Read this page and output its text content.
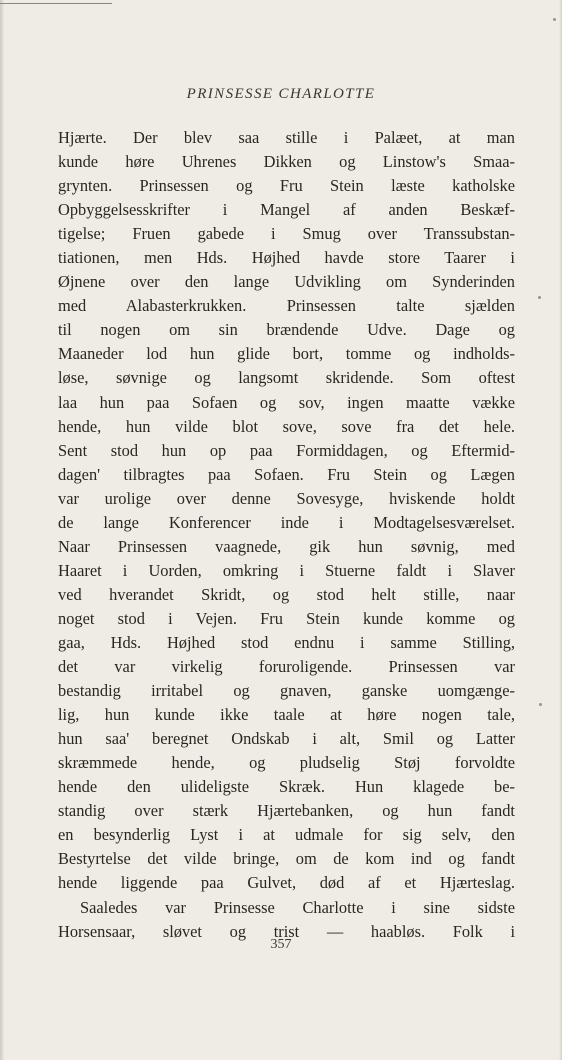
PRINSESSE CHARLOTTE
Hjærte. Der blev saa stille i Palæet, at man
kunde høre Uhrenes Dikken og Linstow's Smaa-
grynten. Prinsessen og Fru Stein læste katholske
Opbyggelsesskrifter i Mangel af anden Beskæf-
tigelse; Fruen gabede i Smug over Transsubstan-
tiationen, men Hds. Højhed havde store Taarer i
Øjnene over den lange Udvikling om Synderinden
med Alabasterkrukken. Prinsessen talte sjælden
til nogen om sin brændende Udve. Dage og
Maaneder lod hun glide bort, tomme og indholds-
løse, søvnige og langsomt skridende. Som oftest
laa hun paa Sofaen og sov, ingen maatte vække
hende, hun vilde blot sove, sove fra det hele.
Sent stod hun op paa Formiddagen, og Eftermid-
dagen' tilbragtes paa Sofaen. Fru Stein og Lægen
var urolige over denne Sovesyge, hviskende holdt
de lange Konferencer inde i Modtagelsesværelset.
Naar Prinsessen vaagnede, gik hun søvnig, med
Haaret i Uorden, omkring i Stuerne faldt i Slaver
ved hverandet Skridt, og stod helt stille, naar
noget stod i Vejen. Fru Stein kunde komme og
gaa, Hds. Højhed stod endnu i samme Stilling,
det var virkelig foruroligende. Prinsessen var
bestandig irritabel og gnaven, ganske uomgænge-
lig, hun kunde ikke taale at høre nogen tale,
hun saa' beregnet Ondskab i alt, Smil og Latter
skræmmede hende, og pludselig Støj forvoldte
hende den ulideligste Skræk. Hun klagede be-
standig over stærk Hjærtebanken, og hun fandt
en besynderlig Lyst i at udmale for sig selv, den
Bestyrtelse det vilde bringe, om de kom ind og fandt
hende liggende paa Gulvet, død af et Hjærteslag.
Saaledes var Prinsesse Charlotte i sine sidste
Horsensaar, sløvet og trist — haabløs. Folk i
357
